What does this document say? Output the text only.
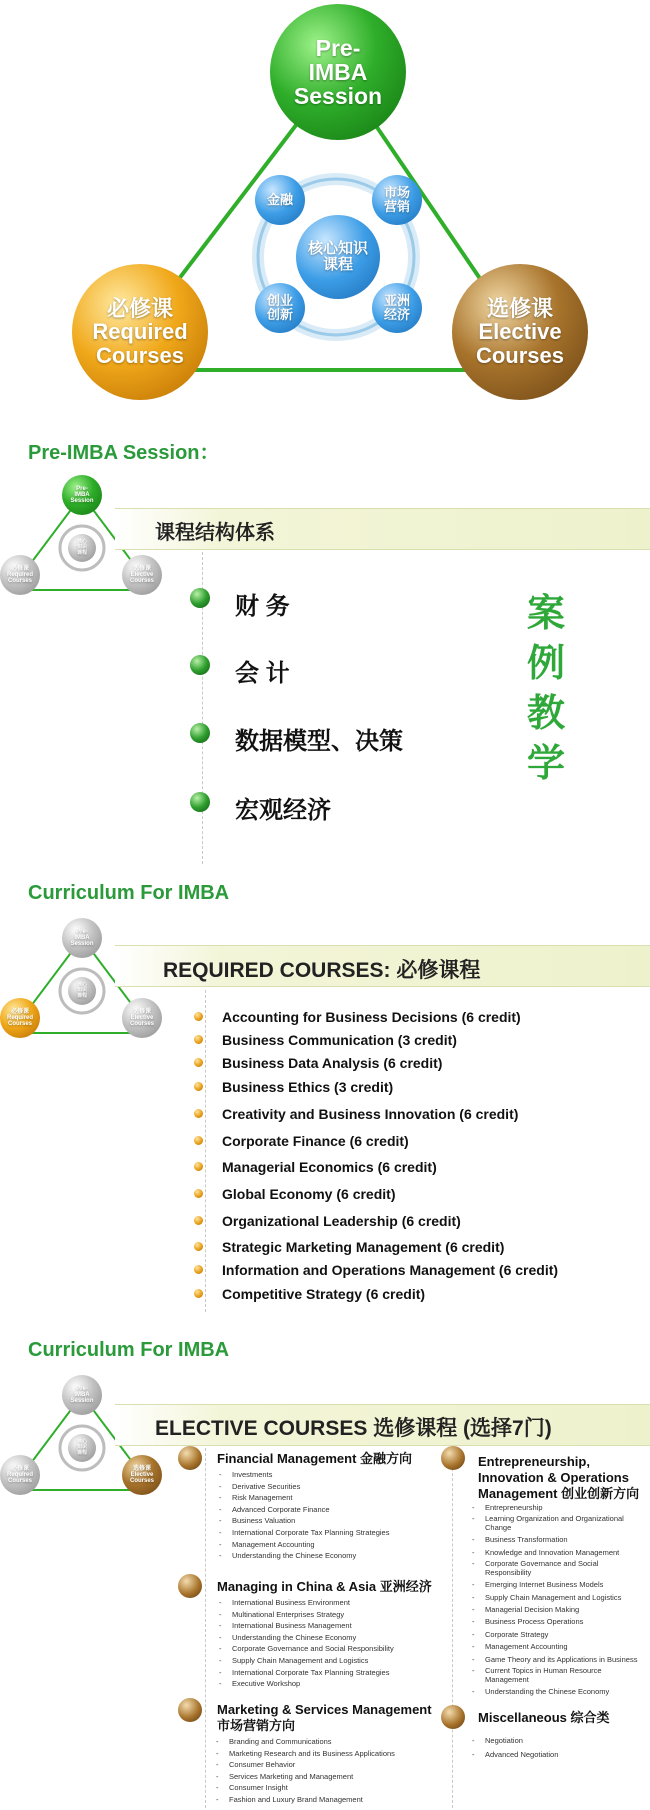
Pre-
IMBA
Session
必修课
Required
Courses
选修课
Elective
Courses
核心知识
课程
金融	市场
营销
创业
创新
亚洲
经济
Pre-IMBA Session：
Pre-
IMBA
Session
必修课
Required
Courses
选修课
Elective
Courses
核心
知识
课程
课程结构体系
财 务
会 计
数据模型、决策
宏观经济
案
例
教
学
Curriculum For IMBA
Pre-
IMBA
Session
必修课
Required
Courses
选修课
Elective
Courses
核心
知识
课程
REQUIRED COURSES: 必修课程
Accounting for Business Decisions (6 credit)
Business Communication (3 credit)
Business Data Analysis (6 credit)
Business Ethics (3 credit)
Creativity and Business Innovation (6 credit)
Corporate Finance (6 credit)
Managerial Economics (6 credit)
Global Economy (6 credit)
Organizational Leadership (6 credit)
Strategic Marketing Management (6 credit)
Information and Operations Management (6 credit)
Competitive Strategy (6 credit)
Curriculum For IMBA
Pre-
IMBA
Session
必修课
Required
Courses
选修课
Elective
Courses
核心
知识
课程
ELECTIVE COURSES 选修课程 (选择7门)
Financial Management 金融方向
- Investments
- Derivative Securities
- Risk Management
- Advanced Corporate Finance
- Business Valuation
- International Corporate Tax Planning Strategies
- Management Accounting
- Understanding the Chinese Economy
Managing in China & Asia 亚洲经济
- International Business Environment
- Multinational Enterprises Strategy
- International Business Management
- Understanding the Chinese Economy
- Corporate Governance and Social Responsibility
- Supply Chain Management and Logistics
- International Corporate Tax Planning Strategies
- Executive Workshop
Marketing & Services Management
市场营销方向
- Branding and Communications
- Marketing Research and its Business Applications
- Consumer Behavior
- Services Marketing and Management
- Consumer Insight
- Fashion and Luxury Brand Management
Entrepreneurship,
Innovation & Operations
Management 创业创新方向
- Entrepreneurship
- Learning Organization and Organizational
Change
- Business Transformation
- Knowledge and Innovation Management
- Corporate Governance and Social
Responsibility
- Emerging Internet Business Models
- Supply Chain Management and Logistics
- Managerial Decision Making
- Business Process Operations
- Corporate Strategy
- Management Accounting
- Game Theory and its Applications in Business
- Current Topics in Human Resource
Management
- Understanding the Chinese Economy
Miscellaneous 综合类
- Negotiation
- Advanced Negotiation
